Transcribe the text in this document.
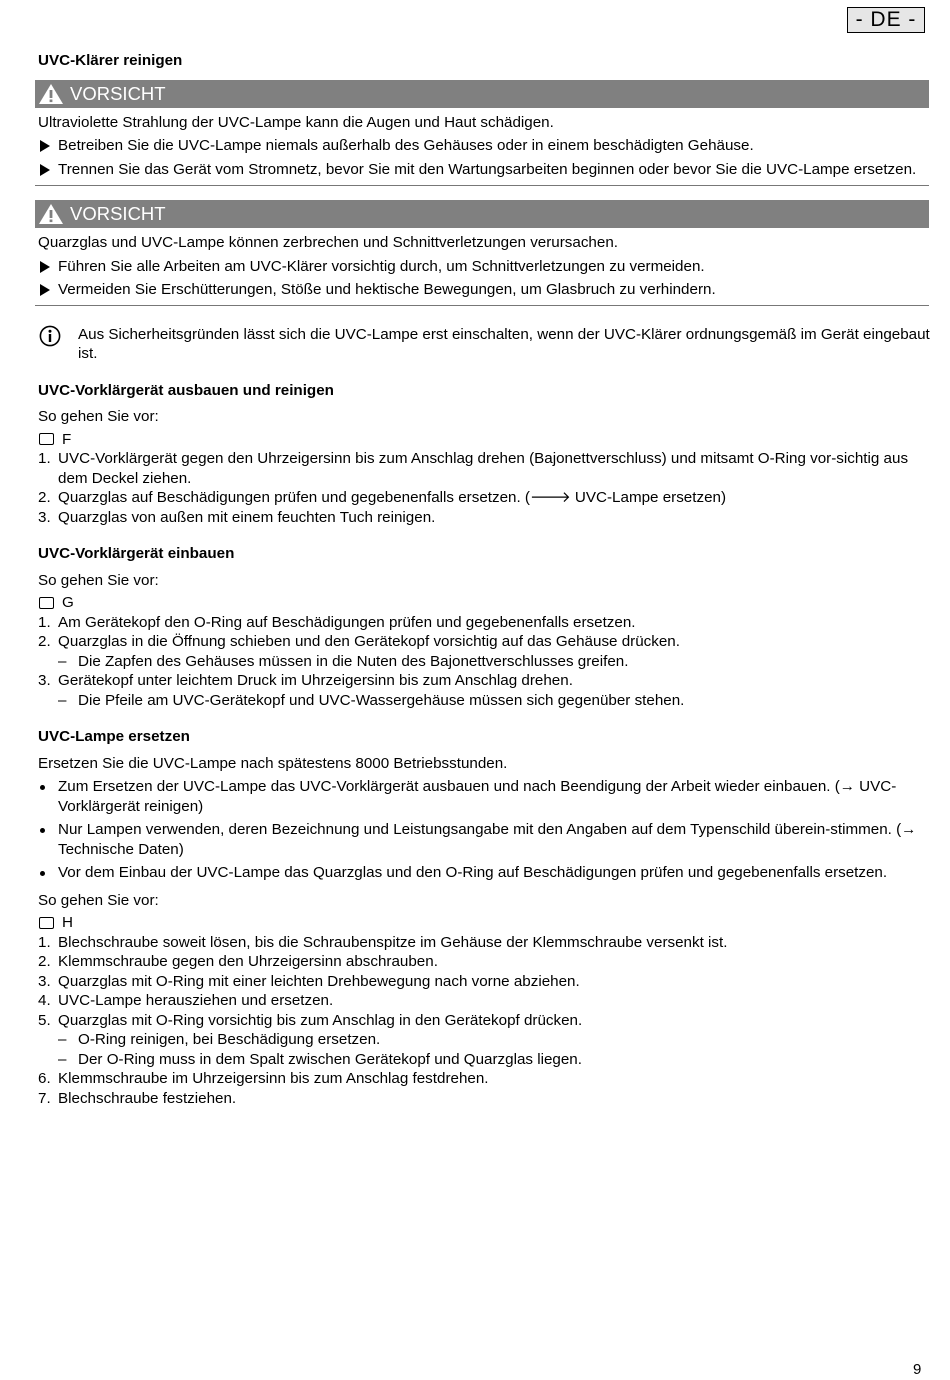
- DE -

UVC-Klärer reinigen

VORSICHT

Ultraviolette Strahlung der UVC-Lampe kann die Augen und Haut schädigen.

Betreiben Sie die UVC-Lampe niemals außerhalb des Gehäuses oder in einem beschädigten Gehäuse.
Trennen Sie das Gerät vom Stromnetz, bevor Sie mit den Wartungsarbeiten beginnen oder bevor Sie die UVC-Lampe ersetzen.
VORSICHT

Quarzglas und UVC-Lampe können zerbrechen und Schnittverletzungen verursachen.

Führen Sie alle Arbeiten am UVC-Klärer vorsichtig durch, um Schnittverletzungen zu vermeiden.
Vermeiden Sie Erschütterungen, Stöße und hektische Bewegungen, um Glasbruch zu verhindern.
Aus Sicherheitsgründen lässt sich die UVC-Lampe erst einschalten, wenn der UVC-Klärer ordnungsgemäß im Gerät eingebaut ist.

UVC-Vorklärgerät ausbauen und reinigen

So gehen Sie vor:

F
1. UVC-Vorklärgerät gegen den Uhrzeigersinn bis zum Anschlag drehen (Bajonettverschluss) und mitsamt O-Ring vor-sichtig aus dem Deckel ziehen.
2. Quarzglas auf Beschädigungen prüfen und gegebenenfalls ersetzen. (🡒 UVC-Lampe ersetzen)
3. Quarzglas von außen mit einem feuchten Tuch reinigen.

UVC-Vorklärgerät einbauen

So gehen Sie vor:

G
1. Am Gerätekopf den O-Ring auf Beschädigungen prüfen und gegebenenfalls ersetzen.
2. Quarzglas in die Öffnung schieben und den Gerätekopf vorsichtig auf das Gehäuse drücken.
– Die Zapfen des Gehäuses müssen in die Nuten des Bajonettverschlusses greifen.
3. Gerätekopf unter leichtem Druck im Uhrzeigersinn bis zum Anschlag drehen.
– Die Pfeile am UVC-Gerätekopf und UVC-Wassergehäuse müssen sich gegenüber stehen.

UVC-Lampe ersetzen

Ersetzen Sie die UVC-Lampe nach spätestens 8000 Betriebsstunden.

Zum Ersetzen der UVC-Lampe das UVC-Vorklärgerät ausbauen und nach Beendigung der Arbeit wieder einbauen. (→ UVC-Vorklärgerät reinigen)
Nur Lampen verwenden, deren Bezeichnung und Leistungsangabe mit den Angaben auf dem Typenschild überein-stimmen. (→ Technische Daten)
Vor dem Einbau der UVC-Lampe das Quarzglas und den O-Ring auf Beschädigungen prüfen und gegebenenfalls ersetzen.

So gehen Sie vor:

H
1. Blechschraube soweit lösen, bis die Schraubenspitze im Gehäuse der Klemmschraube versenkt ist.
2. Klemmschraube gegen den Uhrzeigersinn abschrauben.
3. Quarzglas mit O-Ring mit einer leichten Drehbewegung nach vorne abziehen.
4. UVC-Lampe herausziehen und ersetzen.
5. Quarzglas mit O-Ring vorsichtig bis zum Anschlag in den Gerätekopf drücken.
– O-Ring reinigen, bei Beschädigung ersetzen.
– Der O-Ring muss in dem Spalt zwischen Gerätekopf und Quarzglas liegen.
6. Klemmschraube im Uhrzeigersinn bis zum Anschlag festdrehen.
7. Blechschraube festziehen.
9
